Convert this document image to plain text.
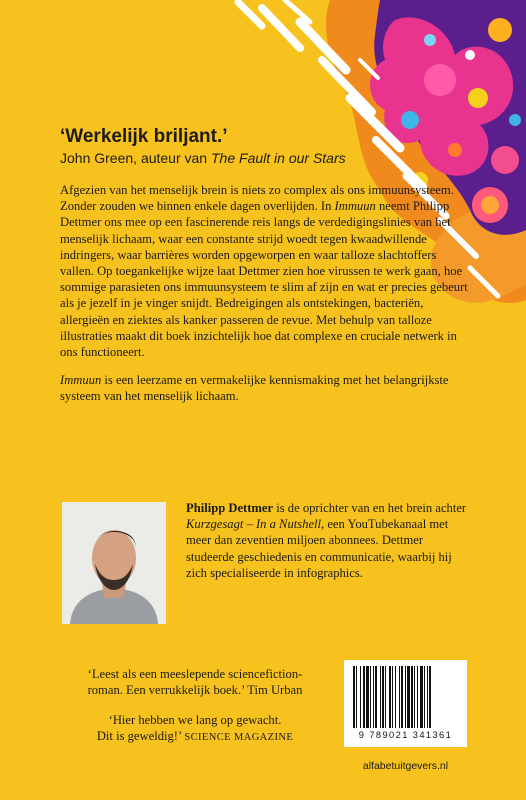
‘Werkelijk briljant.’

John Green, auteur van The Fault in our Stars

Afgezien van het menselijk brein is niets zo complex als ons immuunsysteem. Zonder zouden we binnen enkele dagen overlijden. In Immuun neemt Philipp Dettmer ons mee op een fascinerende reis langs de verdedigingslinies van het menselijk lichaam, waar een constante strijd woedt tegen kwaadwillende indringers, waar barrières worden opgeworpen en waar talloze slachtoffers vallen. Op toegankelijke wijze laat Dettmer zien hoe virussen te werk gaan, hoe sommige parasieten ons immuunsysteem te slim af zijn en wat er precies gebeurt als je jezelf in je vinger snijdt. Bedreigingen als ontstekingen, bacteriën, allergieën en ziektes als kanker passeren de revue. Met behulp van talloze illustraties maakt dit boek inzichtelijk hoe dat complexe en cruciale netwerk in ons functioneert.

Immuun is een leerzame en vermakelijke kennismaking met het belangrijkste systeem van het menselijk lichaam.

Philipp Dettmer is de oprichter van en het brein achter Kurzgesagt – In a Nutshell, een YouTubekanaal met meer dan zeventien miljoen abonnees. Dettmer studeerde geschiedenis en communicatie, waarbij hij zich specialiseerde in infographics.

‘Leest als een meeslepende sciencefiction-
roman. Een verrukkelijk boek.’ Tim Urban

‘Hier hebben we lang op gewacht.
Dit is geweldig!’ SCIENCE MAGAZINE	9 789021 341361

alfabetuitgevers.nl
